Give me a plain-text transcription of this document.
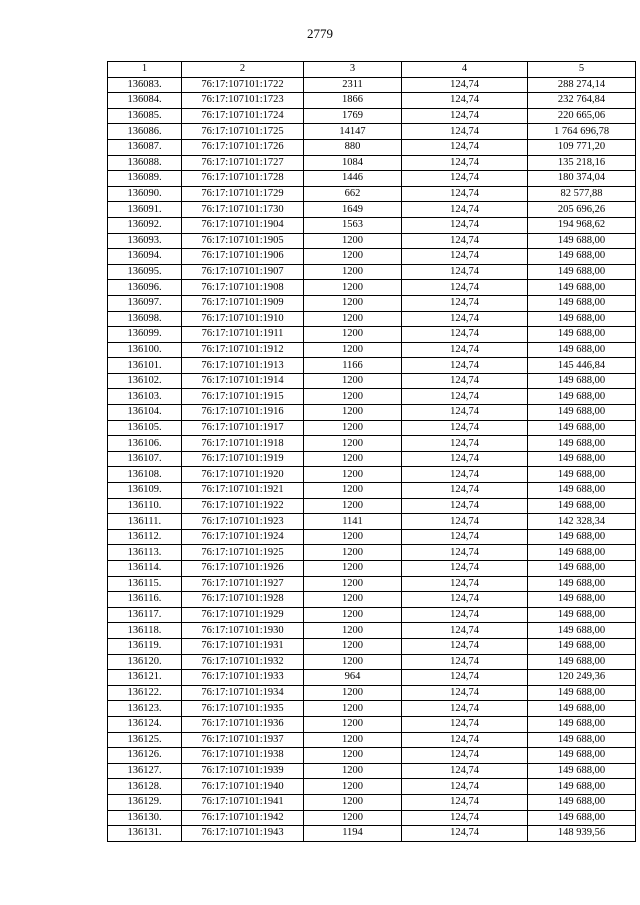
2779
1	2	3	4	5
136083.	76:17:107101:1722	2311	124,74	288 274,14
136084.	76:17:107101:1723	1866	124,74	232 764,84
136085.	76:17:107101:1724	1769	124,74	220 665,06
136086.	76:17:107101:1725	14147	124,74	1 764 696,78
136087.	76:17:107101:1726	880	124,74	109 771,20
136088.	76:17:107101:1727	1084	124,74	135 218,16
136089.	76:17:107101:1728	1446	124,74	180 374,04
136090.	76:17:107101:1729	662	124,74	82 577,88
136091.	76:17:107101:1730	1649	124,74	205 696,26
136092.	76:17:107101:1904	1563	124,74	194 968,62
136093.	76:17:107101:1905	1200	124,74	149 688,00
136094.	76:17:107101:1906	1200	124,74	149 688,00
136095.	76:17:107101:1907	1200	124,74	149 688,00
136096.	76:17:107101:1908	1200	124,74	149 688,00
136097.	76:17:107101:1909	1200	124,74	149 688,00
136098.	76:17:107101:1910	1200	124,74	149 688,00
136099.	76:17:107101:1911	1200	124,74	149 688,00
136100.	76:17:107101:1912	1200	124,74	149 688,00
136101.	76:17:107101:1913	1166	124,74	145 446,84
136102.	76:17:107101:1914	1200	124,74	149 688,00
136103.	76:17:107101:1915	1200	124,74	149 688,00
136104.	76:17:107101:1916	1200	124,74	149 688,00
136105.	76:17:107101:1917	1200	124,74	149 688,00
136106.	76:17:107101:1918	1200	124,74	149 688,00
136107.	76:17:107101:1919	1200	124,74	149 688,00
136108.	76:17:107101:1920	1200	124,74	149 688,00
136109.	76:17:107101:1921	1200	124,74	149 688,00
136110.	76:17:107101:1922	1200	124,74	149 688,00
136111.	76:17:107101:1923	1141	124,74	142 328,34
136112.	76:17:107101:1924	1200	124,74	149 688,00
136113.	76:17:107101:1925	1200	124,74	149 688,00
136114.	76:17:107101:1926	1200	124,74	149 688,00
136115.	76:17:107101:1927	1200	124,74	149 688,00
136116.	76:17:107101:1928	1200	124,74	149 688,00
136117.	76:17:107101:1929	1200	124,74	149 688,00
136118.	76:17:107101:1930	1200	124,74	149 688,00
136119.	76:17:107101:1931	1200	124,74	149 688,00
136120.	76:17:107101:1932	1200	124,74	149 688,00
136121.	76:17:107101:1933	964	124,74	120 249,36
136122.	76:17:107101:1934	1200	124,74	149 688,00
136123.	76:17:107101:1935	1200	124,74	149 688,00
136124.	76:17:107101:1936	1200	124,74	149 688,00
136125.	76:17:107101:1937	1200	124,74	149 688,00
136126.	76:17:107101:1938	1200	124,74	149 688,00
136127.	76:17:107101:1939	1200	124,74	149 688,00
136128.	76:17:107101:1940	1200	124,74	149 688,00
136129.	76:17:107101:1941	1200	124,74	149 688,00
136130.	76:17:107101:1942	1200	124,74	149 688,00
136131.	76:17:107101:1943	1194	124,74	148 939,56
